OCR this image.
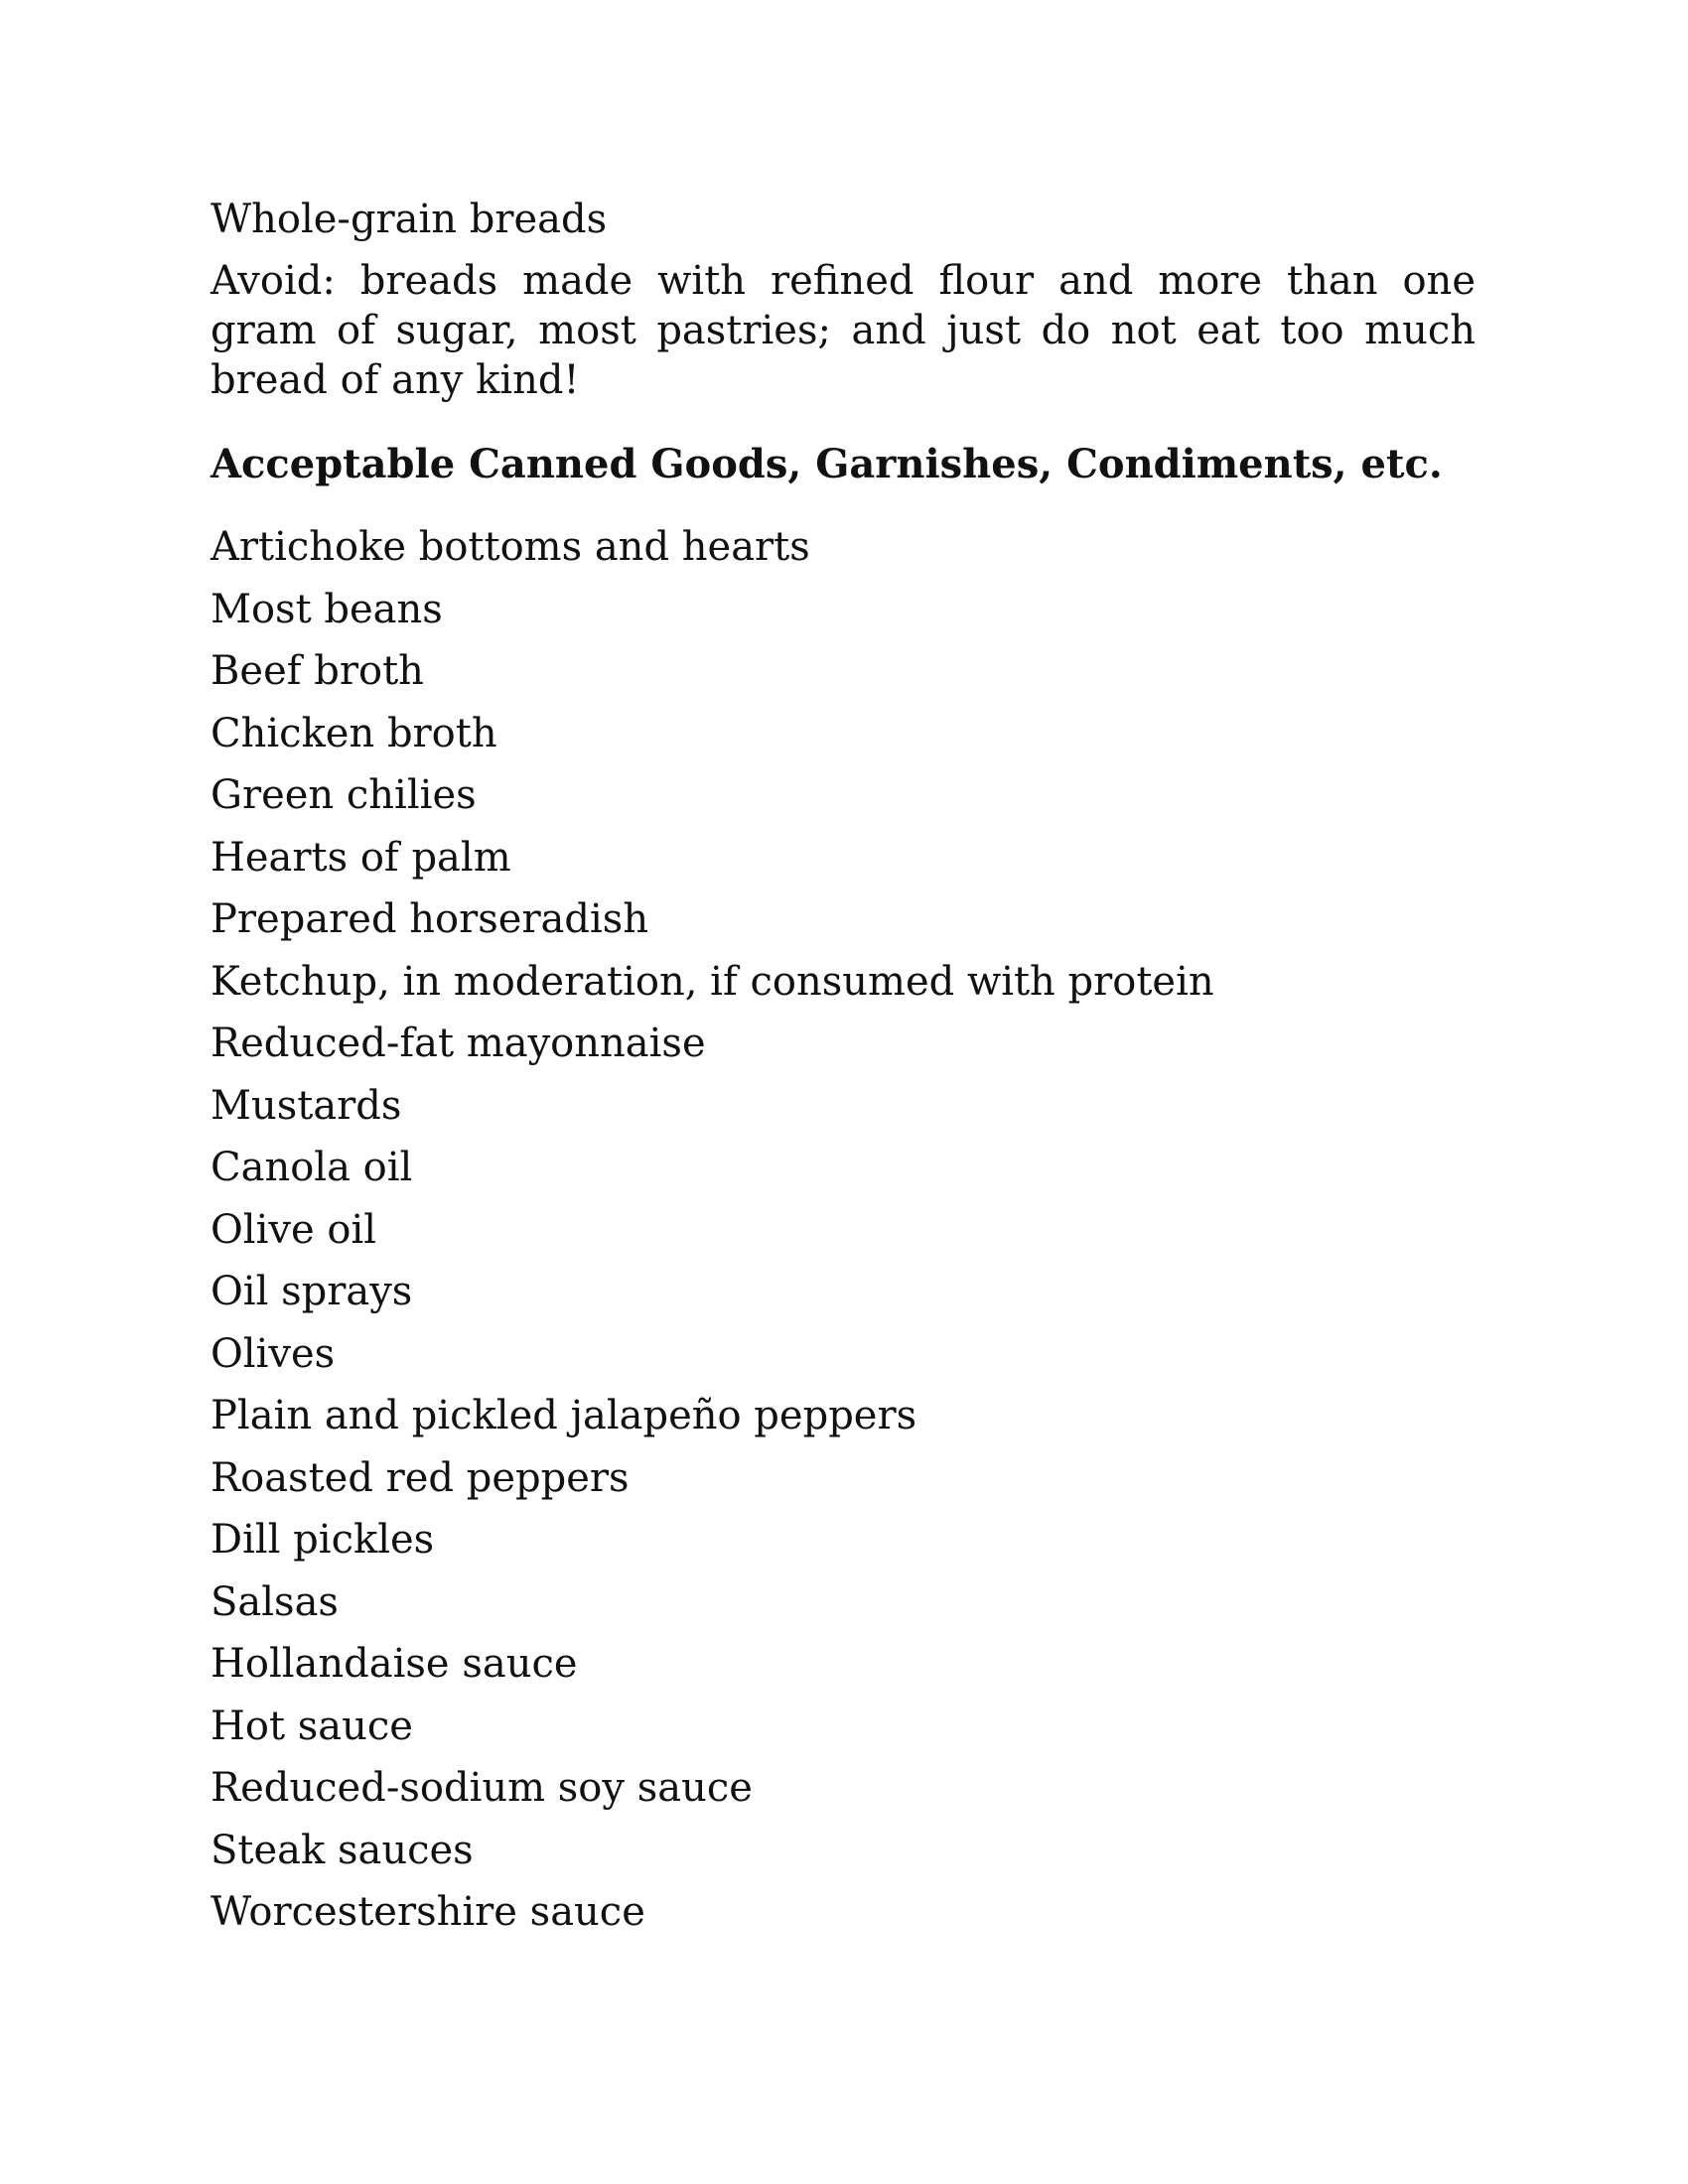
Whole-grain breads

Avoid: breads made with refined flour and more than one gram of sugar, most pastries; and just do not eat too much bread of any kind!

Acceptable Canned Goods, Garnishes, Condiments, etc.
Artichoke bottoms and hearts
Most beans
Beef broth
Chicken broth
Green chilies
Hearts of palm
Prepared horseradish
Ketchup, in moderation, if consumed with protein
Reduced-fat mayonnaise
Mustards
Canola oil
Olive oil
Oil sprays
Olives
Plain and pickled jalapeño peppers
Roasted red peppers
Dill pickles
Salsas
Hollandaise sauce
Hot sauce
Reduced-sodium soy sauce
Steak sauces
Worcestershire sauce
